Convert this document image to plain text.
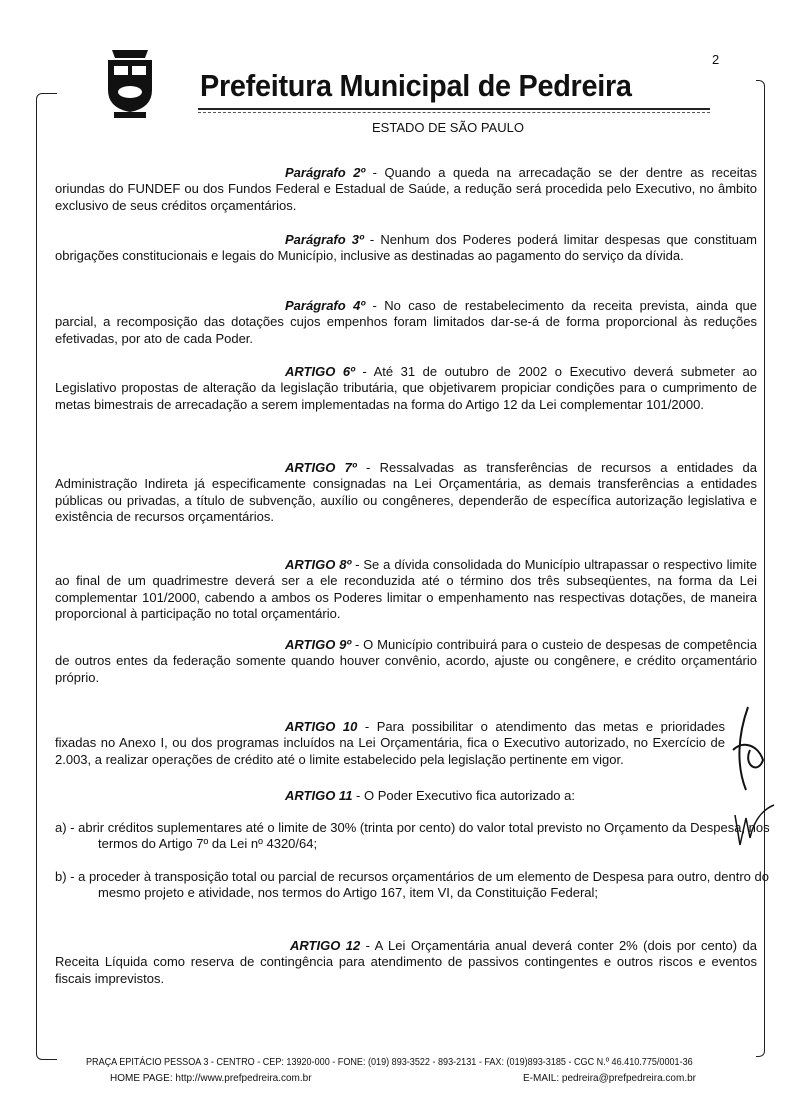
Prefeitura Municipal de Pedreira
2
ESTADO DE SÃO PAULO
Parágrafo 2º - Quando a queda na arrecadação se der dentre as receitas oriundas do FUNDEF ou dos Fundos Federal e Estadual de Saúde, a redução será procedida pelo Executivo, no âmbito exclusivo de seus créditos orçamentários.
Parágrafo 3º - Nenhum dos Poderes poderá limitar despesas que constituam obrigações constitucionais e legais do Município, inclusive as destinadas ao pagamento do serviço da dívida.
Parágrafo 4º - No caso de restabelecimento da receita prevista, ainda que parcial, a recomposição das dotações cujos empenhos foram limitados dar-se-á de forma proporcional às reduções efetivadas, por ato de cada Poder.
ARTIGO 6º - Até 31 de outubro de 2002 o Executivo deverá submeter ao Legislativo propostas de alteração da legislação tributária, que objetivarem propiciar condições para o cumprimento de metas bimestrais de arrecadação a serem implementadas na forma do Artigo 12 da Lei complementar 101/2000.
ARTIGO 7º - Ressalvadas as transferências de recursos a entidades da Administração Indireta já especificamente consignadas na Lei Orçamentária, as demais transferências a entidades públicas ou privadas, a título de subvenção, auxílio ou congêneres, dependerão de específica autorização legislativa e existência de recursos orçamentários.
ARTIGO 8º - Se a dívida consolidada do Município ultrapassar o respectivo limite ao final de um quadrimestre deverá ser a ele reconduzida até o término dos três subseqüentes, na forma da Lei complementar 101/2000, cabendo a ambos os Poderes limitar o empenhamento nas respectivas dotações, de maneira proporcional à participação no total orçamentário.
ARTIGO 9º - O Município contribuirá para o custeio de despesas de competência de outros entes da federação somente quando houver convênio, acordo, ajuste ou congênere, e crédito orçamentário próprio.
ARTIGO 10 - Para possibilitar o atendimento das metas e prioridades fixadas no Anexo I, ou dos programas incluídos na Lei Orçamentária, fica o Executivo autorizado, no Exercício de 2.003, a realizar operações de crédito até o limite estabelecido pela legislação pertinente em vigor.
ARTIGO 11 - O Poder Executivo fica autorizado a:
a) - abrir créditos suplementares até o limite de 30% (trinta por cento) do valor total previsto no Orçamento da Despesa, nos termos do Artigo 7º da Lei nº 4320/64;
b) - a proceder à transposição total ou parcial de recursos orçamentários de um elemento de Despesa para outro, dentro do mesmo projeto e atividade, nos termos do Artigo 167, item VI, da Constituição Federal;
ARTIGO 12 - A Lei Orçamentária anual deverá conter 2% (dois por cento) da Receita Líquida como reserva de contingência para atendimento de passivos contingentes e outros riscos e eventos fiscais imprevistos.
PRAÇA EPITÁCIO PESSOA 3 - CENTRO - CEP: 13920-000 - FONE: (019) 893-3522 - 893-2131 - FAX: (019)893-3185 - CGC N.º 46.410.775/0001-36
HOME PAGE: http://www.prefpedreira.com.br	E-MAIL: pedreira@prefpedreira.com.br
